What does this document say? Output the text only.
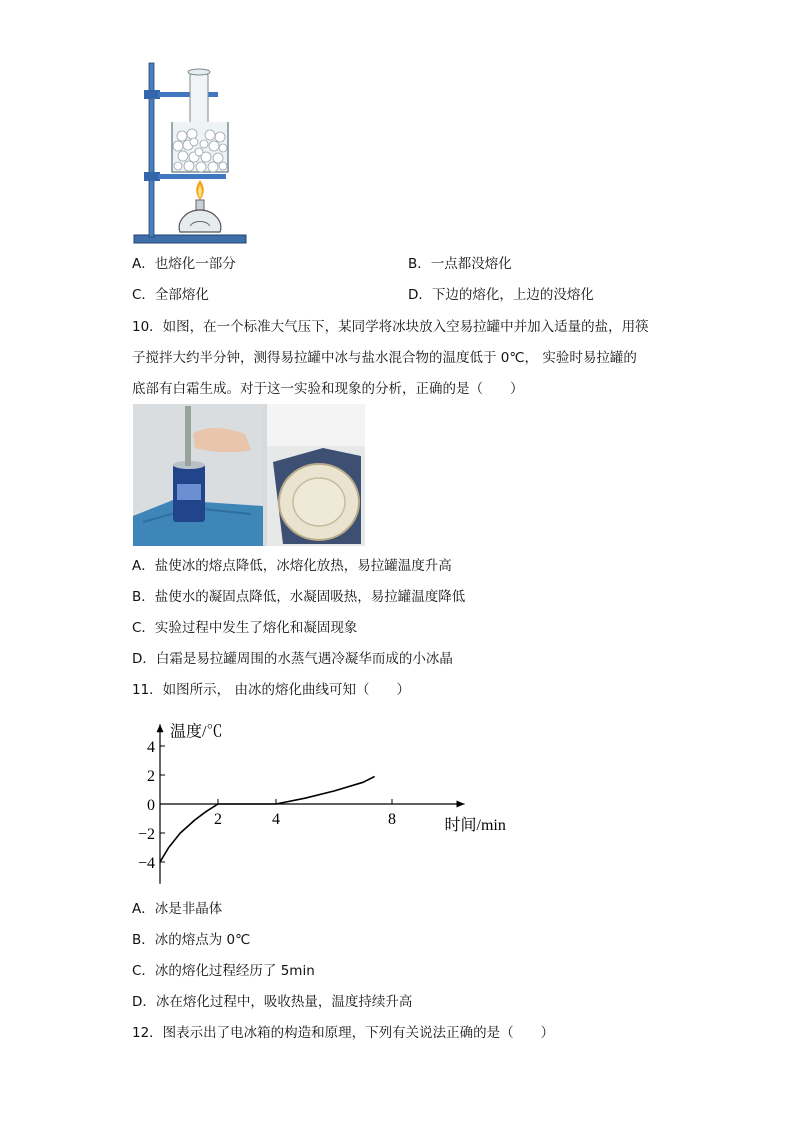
A．也熔化一部分	B．一点都没熔化
C．全部熔化	D．下边的熔化，上边的没熔化
10．如图，在一个标准大气压下，某同学将冰块放入空易拉罐中并加入适量的盐，用筷
子搅拌大约半分钟，测得易拉罐中冰与盐水混合物的温度低于 0℃， 实验时易拉罐的
底部有白霜生成。对于这一实验和现象的分析，正确的是（　　）
A．盐使冰的熔点降低，冰熔化放热，易拉罐温度升高
B．盐使水的凝固点降低，水凝固吸热，易拉罐温度降低
C．实验过程中发生了熔化和凝固现象
D．白霜是易拉罐周围的水蒸气遇冷凝华而成的小冰晶
11．如图所示， 由冰的熔化曲线可知（　　）
4
2
0
−2
−4
2	4	8
温度/℃
时间/min
A．冰是非晶体
B．冰的熔点为 0℃
C．冰的熔化过程经历了 5min
D．冰在熔化过程中，吸收热量，温度持续升高
12．图表示出了电冰箱的构造和原理，下列有关说法正确的是（　　）
